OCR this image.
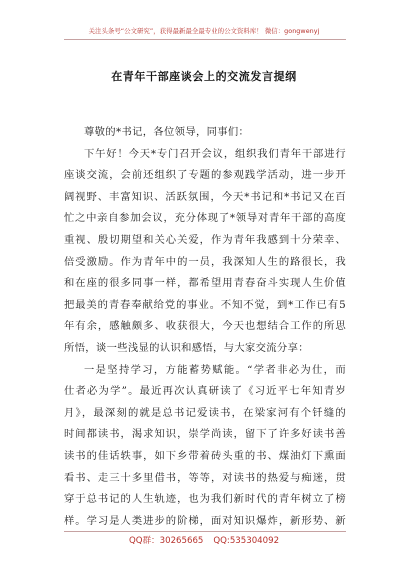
关注头条号“公文研究”，获得最新最全最专业的公文资料库！ 微信：gongwenyj
在青年干部座谈会上的交流发言提纲
尊敬的*书记，各位领导，同事们：
下午好！今天*专门召开会议，组织我们青年干部进行
座谈交流，会前还组织了专题的参观践学活动，进一步开
阔视野、丰富知识、活跃氛围，今天*书记和*书记又在百
忙之中亲自参加会议，充分体现了*领导对青年干部的高度
重视、殷切期望和关心关爱，作为青年我感到十分荣幸、
倍受激励。作为青年中的一员，我深知人生的路很长，我
和在座的很多同事一样，都希望用青春奋斗实现人生价值
把最美的青春奉献给党的事业。不知不觉，到*工作已有5
年有余，感触颇多、收获很大，今天也想结合工作的所思
所悟，谈一些浅显的认识和感悟，与大家交流分享：
一是坚持学习，方能蓄势赋能。“学者非必为仕，而
仕者必为学”。最近再次认真研读了《习近平七年知青岁
月》，最深刻的就是总书记爱读书，在梁家河有个钎缝的
时间都读书，渴求知识，崇学尚读，留下了许多好读书善
读书的佳话轶事，如下乡带着砖头重的书、煤油灯下熏面
看书、走三十多里借书，等等，对读书的热爱与痴迷，贯
穿于总书记的人生轨迹，也为我们新时代的青年树立了榜
样。学习是人类进步的阶梯，面对知识爆炸，新形势、新
QQ群：30265665 QQ:535304092
